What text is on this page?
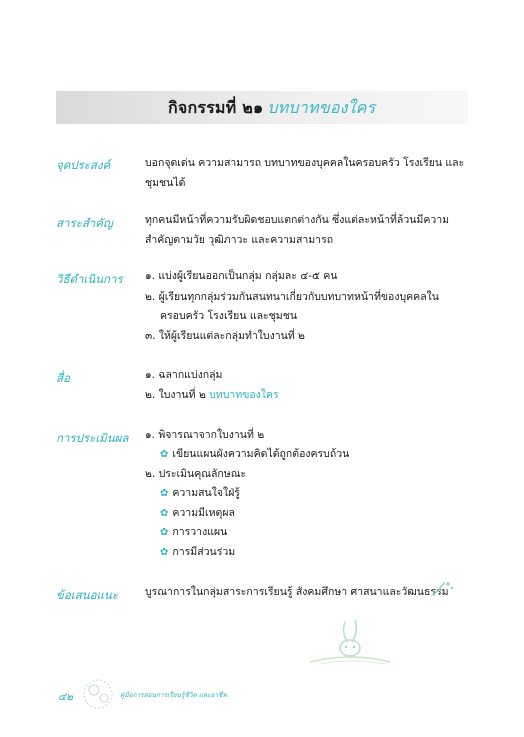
กิจกรรมที่ ๒๑ บทบาทของใคร
จุดประสงค์	บอกจุดเด่น ความสามารถ บทบาทของบุคคลในครอบครัว โรงเรียน และ
ชุมชนได้
สาระสำคัญ	ทุกคนมีหน้าที่ความรับผิดชอบแตกต่างกัน ซึ่งแต่ละหน้าที่ล้วนมีความ
สำคัญตามวัย วุฒิภาวะ และความสามารถ
วิธีดำเนินการ ๑. แบ่งผู้เรียนออกเป็นกลุ่ม กลุ่มละ ๔-๕ คน
๒. ผู้เรียนทุกกลุ่มร่วมกันสนทนาเกี่ยวกับบทบาทหน้าที่ของบุคคลใน
ครอบครัว โรงเรียน และชุมชน
๓. ให้ผู้เรียนแต่ละกลุ่มทำใบงานที่ ๒
สื่อ	๑. ฉลากแบ่งกลุ่ม
๒. ใบงานที่ ๒ บทบาทของใคร
การประเมินผล ๑. พิจารณาจากใบงานที่ ๒
✿ เขียนแผนผังความคิดได้ถูกต้องครบถ้วน
๒. ประเมินคุณลักษณะ
✿ ความสนใจใฝ่รู้
✿ ความมีเหตุผล
✿ การวางแผน
✿ การมีส่วนร่วม
ข้อเสนอแนะ	บูรณาการในกลุ่มสาระการเรียนรู้ สังคมศึกษา ศาสนาและวัฒนธรรม
๔๒	คู่มือการสอนการเรียนรู้ชีวิต และอาชีพ
